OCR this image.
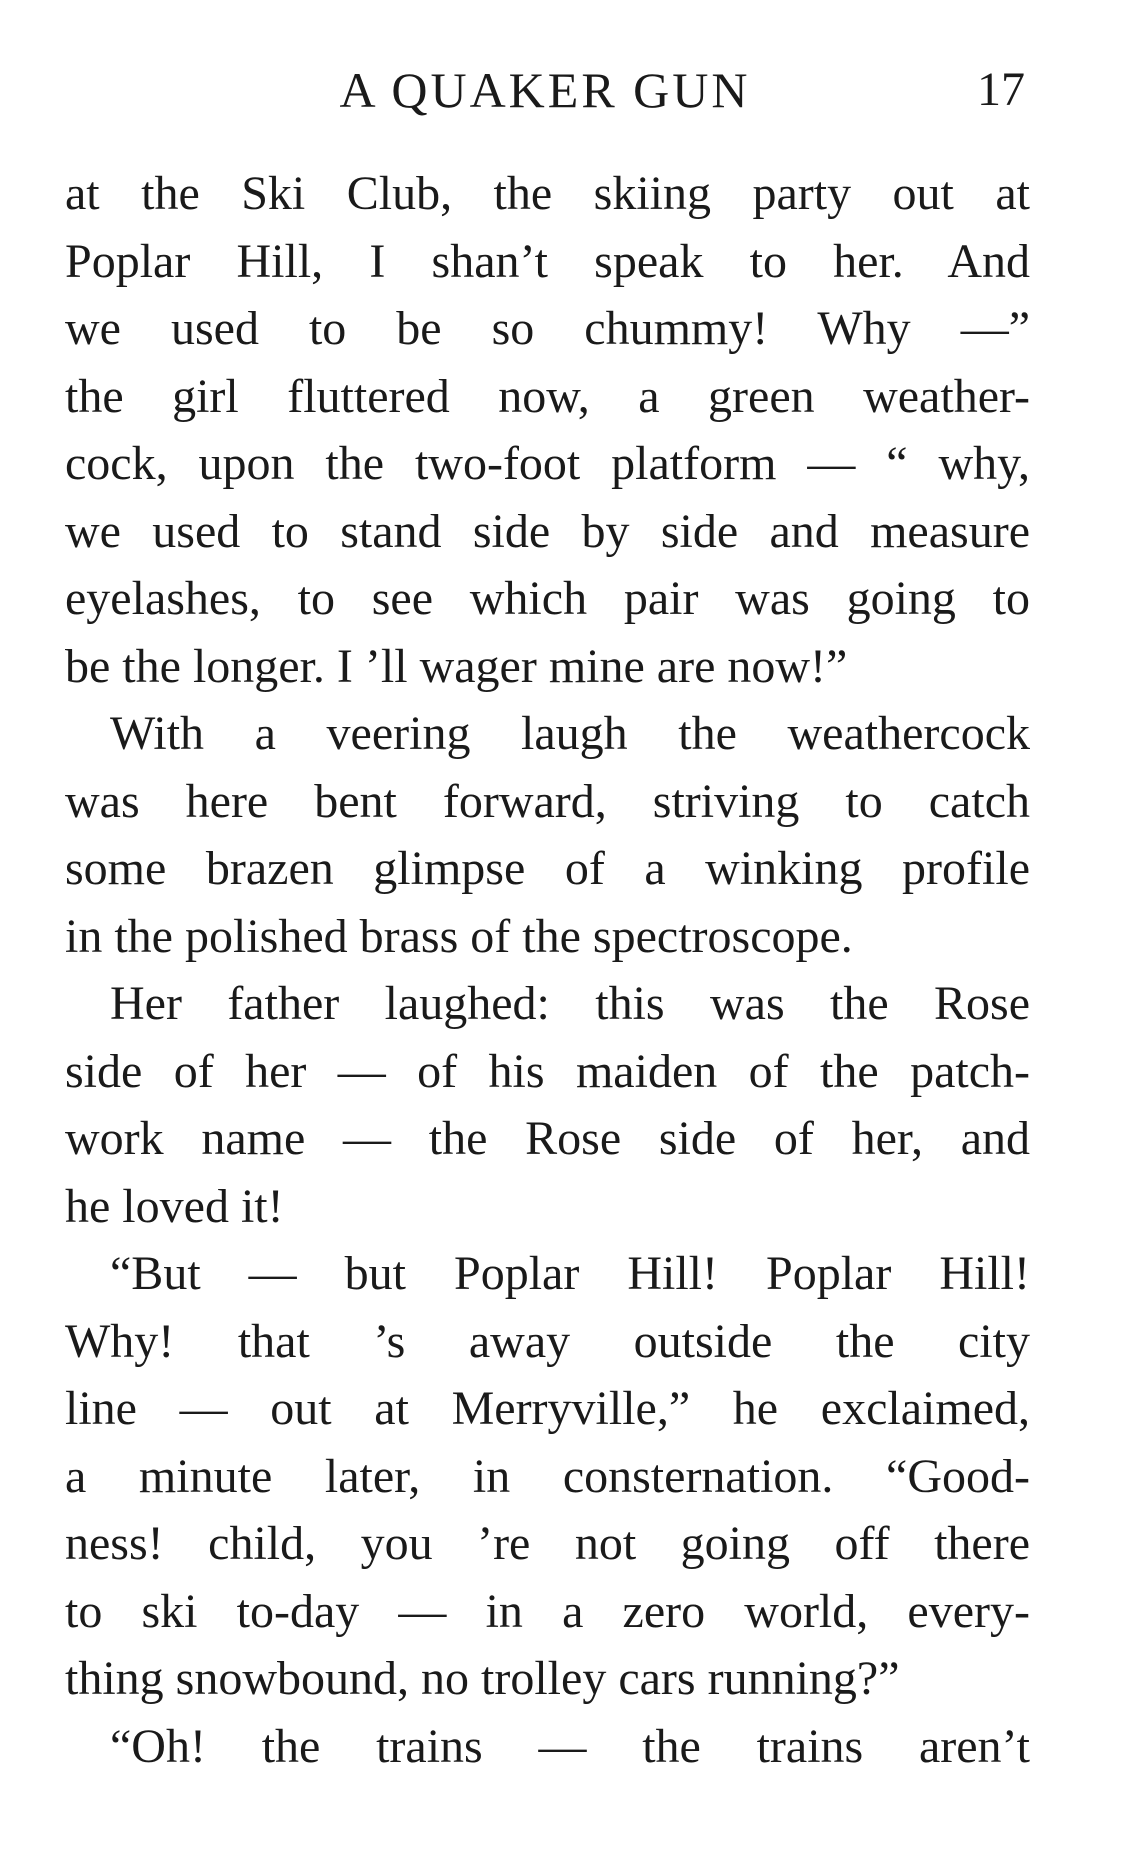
A QUAKER GUN	17
at the Ski Club, the skiing party out at
Poplar Hill, I shan’t speak to her. And
we used to be so chummy! Why —”
the girl fluttered now, a green weather-
cock, upon the two-foot platform — “ why,
we used to stand side by side and measure
eyelashes, to see which pair was going to
be the longer. I ’ll wager mine are now!”
With a veering laugh the weathercock
was here bent forward, striving to catch
some brazen glimpse of a winking profile
in the polished brass of the spectroscope.
Her father laughed: this was the Rose
side of her — of his maiden of the patch-
work name — the Rose side of her, and
he loved it!
“But — but Poplar Hill! Poplar Hill!
Why! that ’s away outside the city
line — out at Merryville,” he exclaimed,
a minute later, in consternation. “Good-
ness! child, you ’re not going off there
to ski to-day — in a zero world, every-
thing snowbound, no trolley cars running?”
“Oh! the trains — the trains aren’t
